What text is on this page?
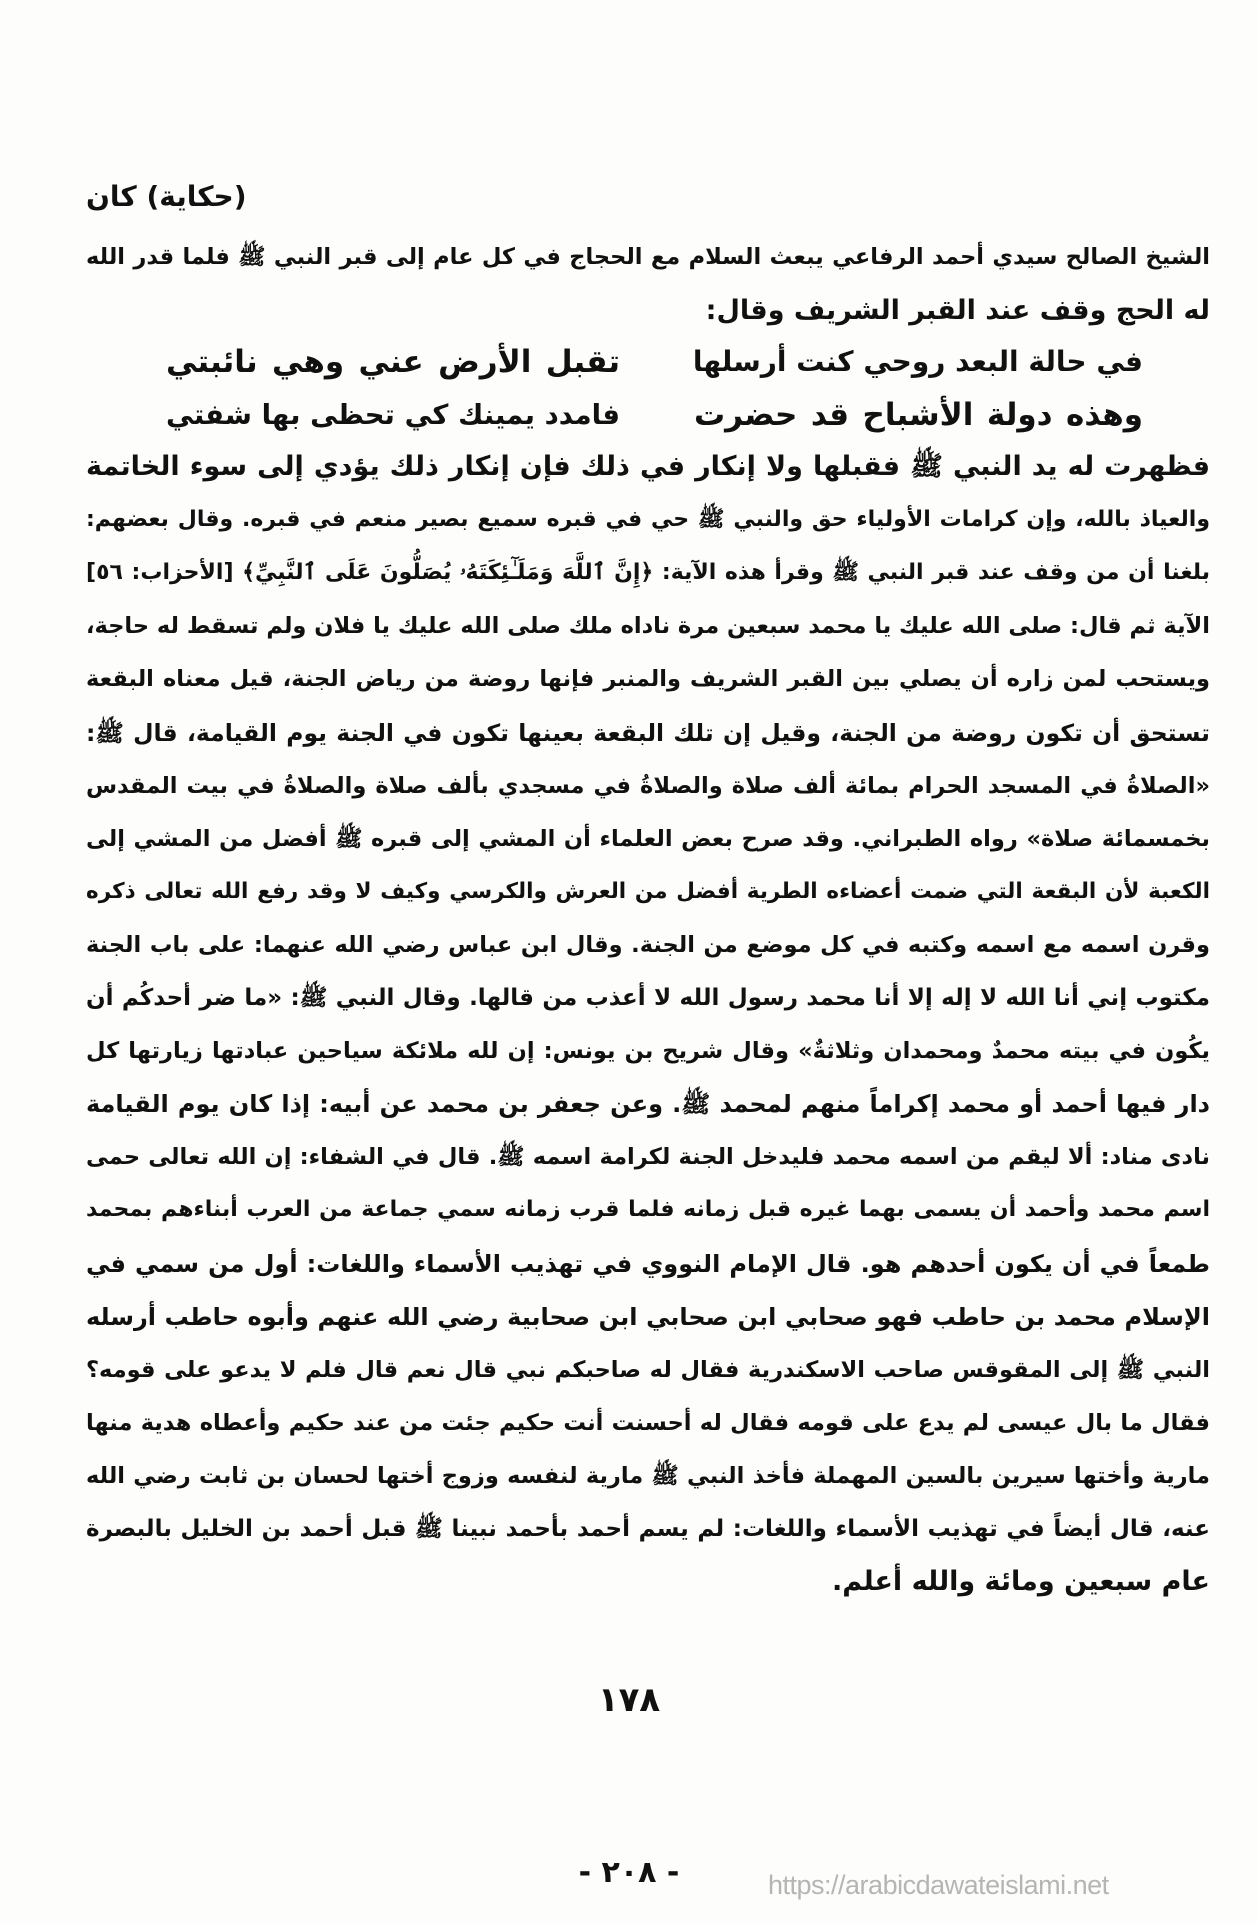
(حكاية) كان
الشيخ الصالح سيدي أحمد الرفاعي يبعث السلام مع الحجاج في كل عام إلى قبر النبي ﷺ فلما قدر الله
له الحج وقف عند القبر الشريف وقال:
في حالة البعد روحي كنت أرسلها
تقبل الأرض عني وهي نائبتي
وهذه دولة الأشباح قد حضرت
فامدد يمينك كي تحظى بها شفتي
فظهرت له يد النبي ﷺ فقبلها ولا إنكار في ذلك فإن إنكار ذلك يؤدي إلى سوء الخاتمة
والعياذ بالله، وإن كرامات الأولياء حق والنبي ﷺ حي في قبره سميع بصير منعم في قبره. وقال بعضهم:
بلغنا أن من وقف عند قبر النبي ﷺ وقرأ هذه الآية: ﴿إِنَّ ٱللَّهَ وَمَلَـٰٓئِكَتَهُۥ يُصَلُّونَ عَلَى ٱلنَّبِيِّ﴾ [الأحزاب: ٥٦]
الآية ثم قال: صلى الله عليك يا محمد سبعين مرة ناداه ملك صلى الله عليك يا فلان ولم تسقط له حاجة،
ويستحب لمن زاره أن يصلي بين القبر الشريف والمنبر فإنها روضة من رياض الجنة، قيل معناه البقعة
تستحق أن تكون روضة من الجنة، وقيل إن تلك البقعة بعينها تكون في الجنة يوم القيامة، قال ﷺ:
«الصلاةُ في المسجد الحرام بمائة ألف صلاة والصلاةُ في مسجدي بألف صلاة والصلاةُ في بيت المقدس
بخمسمائة صلاة» رواه الطبراني. وقد صرح بعض العلماء أن المشي إلى قبره ﷺ أفضل من المشي إلى
الكعبة لأن البقعة التي ضمت أعضاءه الطرية أفضل من العرش والكرسي وكيف لا وقد رفع الله تعالى ذكره
وقرن اسمه مع اسمه وكتبه في كل موضع من الجنة. وقال ابن عباس رضي الله عنهما: على باب الجنة
مكتوب إني أنا الله لا إله إلا أنا محمد رسول الله لا أعذب من قالها. وقال النبي ﷺ: «ما ضر أحدكُم أن
يكُون في بيته محمدٌ ومحمدان وثلاثةٌ» وقال شريح بن يونس: إن لله ملائكة سياحين عبادتها زيارتها كل
دار فيها أحمد أو محمد إكراماً منهم لمحمد ﷺ. وعن جعفر بن محمد عن أبيه: إذا كان يوم القيامة
نادى مناد: ألا ليقم من اسمه محمد فليدخل الجنة لكرامة اسمه ﷺ. قال في الشفاء: إن الله تعالى حمى
اسم محمد وأحمد أن يسمى بهما غيره قبل زمانه فلما قرب زمانه سمي جماعة من العرب أبناءهم بمحمد
طمعاً في أن يكون أحدهم هو. قال الإمام النووي في تهذيب الأسماء واللغات: أول من سمي في
الإسلام محمد بن حاطب فهو صحابي ابن صحابي ابن صحابية رضي الله عنهم وأبوه حاطب أرسله
النبي ﷺ إلى المقوقس صاحب الاسكندرية فقال له صاحبكم نبي قال نعم قال فلم لا يدعو على قومه؟
فقال ما بال عيسى لم يدع على قومه فقال له أحسنت أنت حكيم جئت من عند حكيم وأعطاه هدية منها
مارية وأختها سيرين بالسين المهملة فأخذ النبي ﷺ مارية لنفسه وزوج أختها لحسان بن ثابت رضي الله
عنه، قال أيضاً في تهذيب الأسماء واللغات: لم يسم أحمد بأحمد نبينا ﷺ قبل أحمد بن الخليل بالبصرة
عام سبعين ومائة والله أعلم.
١٧٨
- ٢٠٨ -	https://arabicdawateislami.net
